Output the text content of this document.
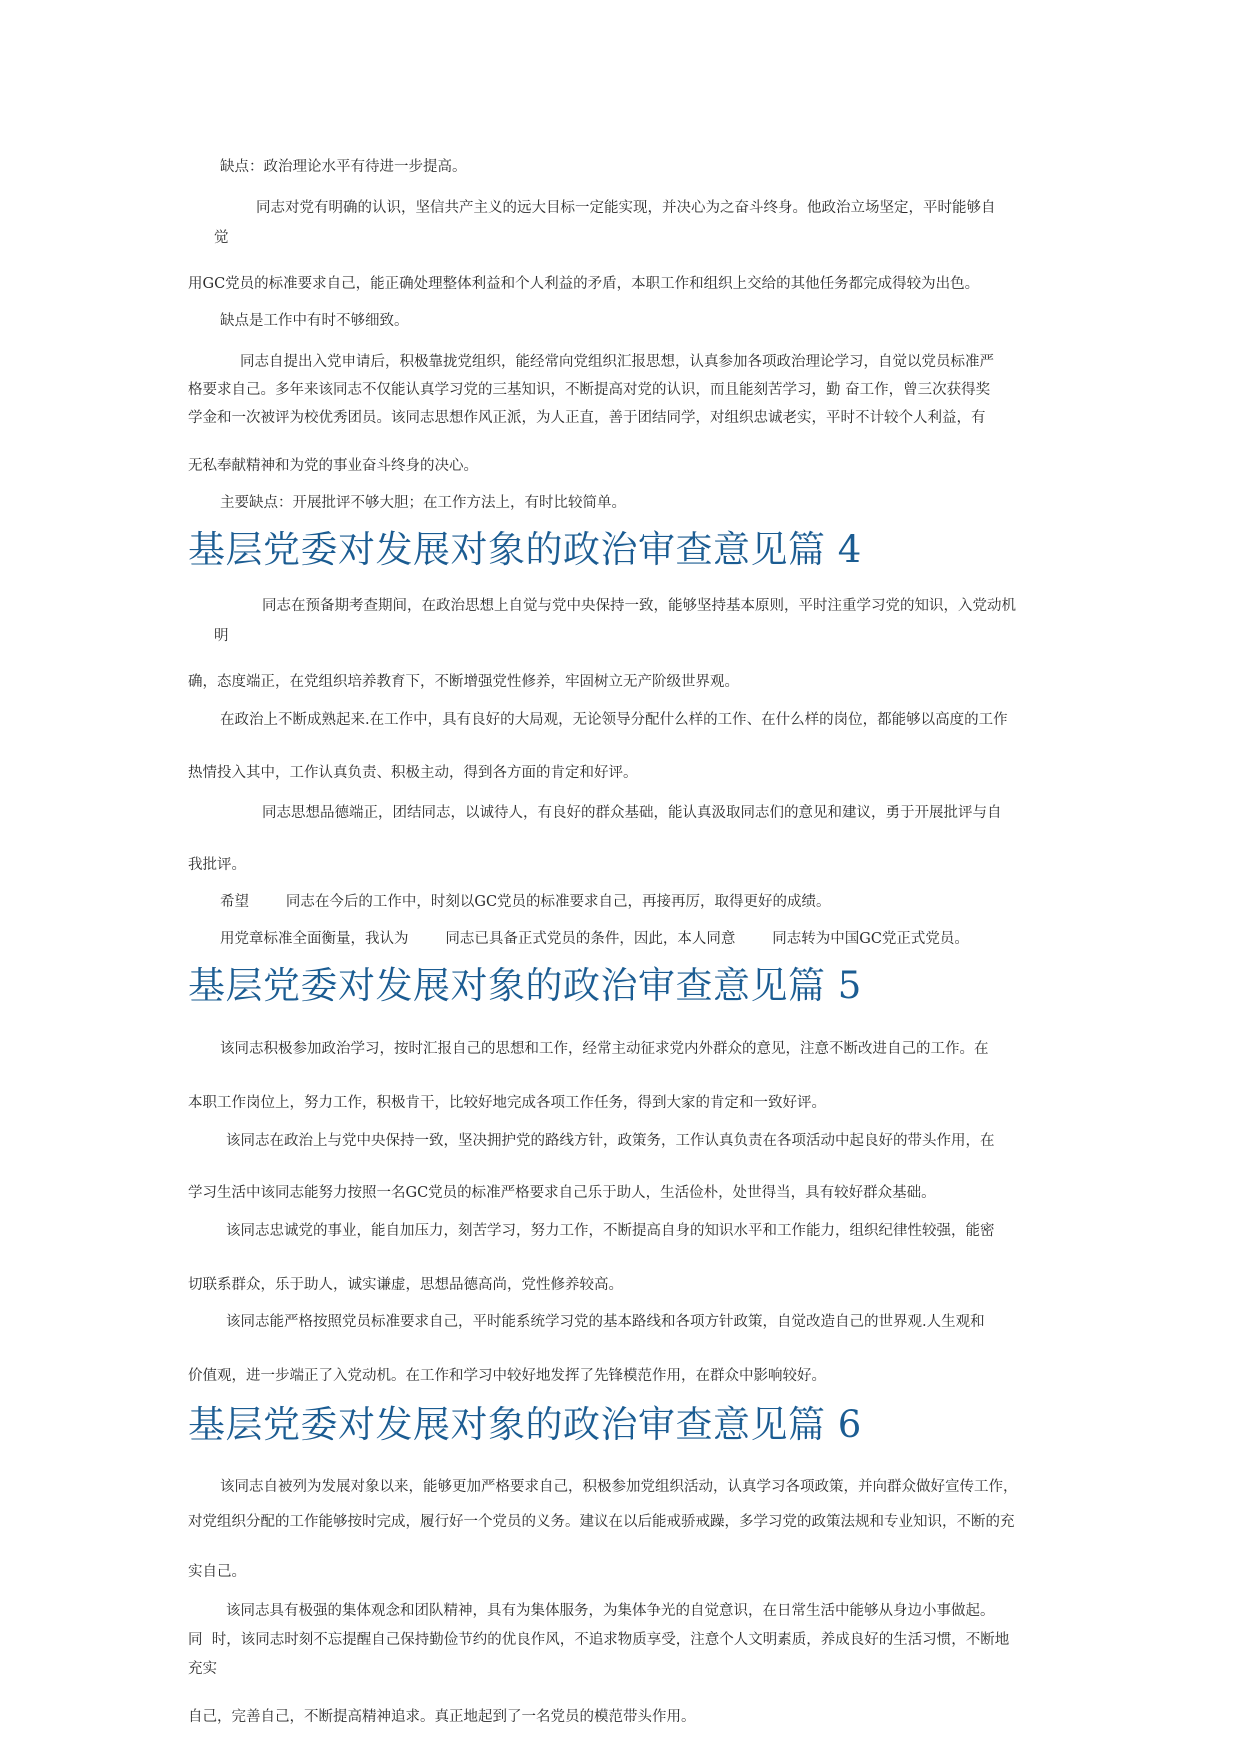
缺点：政治理论水平有待进一步提高。
同志对党有明确的认识，坚信共产主义的远大目标一定能实现，并决心为之奋斗终身。他政治立场坚定，平时能够自
觉
用GC党员的标准要求自己，能正确处理整体利益和个人利益的矛盾，本职工作和组织上交给的其他任务都完成得较为出色。
缺点是工作中有时不够细致。
同志自提出入党申请后，积极靠拢党组织，能经常向党组织汇报思想，认真参加各项政治理论学习，自觉以党员标准严
格要求自己。多年来该同志不仅能认真学习党的三基知识，不断提高对党的认识，而且能刻苦学习，勤 奋工作，曾三次获得奖
学金和一次被评为校优秀团员。该同志思想作风正派，为人正直，善于团结同学，对组织忠诚老实，平时不计较个人利益，有
无私奉献精神和为党的事业奋斗终身的决心。
主要缺点：开展批评不够大胆；在工作方法上，有时比较简单。
基层党委对发展对象的政治审查意见篇 4
同志在预备期考查期间，在政治思想上自觉与党中央保持一致，能够坚持基本原则，平时注重学习党的知识，入党动机
明
确，态度端正，在党组织培养教育下，不断增强党性修养，牢固树立无产阶级世界观。
在政治上不断成熟起来.在工作中，具有良好的大局观，无论领导分配什么样的工作、在什么样的岗位，都能够以高度的工作
热情投入其中，工作认真负责、积极主动，得到各方面的肯定和好评。
同志思想品德端正，团结同志，以诚待人，有良好的群众基础，能认真汲取同志们的意见和建议，勇于开展批评与自
我批评。
希望        同志在今后的工作中，时刻以GC党员的标准要求自己，再接再厉，取得更好的成绩。
用党章标准全面衡量，我认为        同志已具备正式党员的条件，因此，本人同意        同志转为中国GC党正式党员。
基层党委对发展对象的政治审查意见篇 5
该同志积极参加政治学习，按时汇报自己的思想和工作，经常主动征求党内外群众的意见，注意不断改进自己的工作。在
本职工作岗位上，努力工作，积极肯干，比较好地完成各项工作任务，得到大家的肯定和一致好评。
该同志在政治上与党中央保持一致，坚决拥护党的路线方针，政策务，工作认真负责在各项活动中起良好的带头作用，在
学习生活中该同志能努力按照一名GC党员的标准严格要求自己乐于助人，生活俭朴，处世得当，具有较好群众基础。
该同志忠诚党的事业，能自加压力，刻苦学习，努力工作，不断提高自身的知识水平和工作能力，组织纪律性较强，能密
切联系群众，乐于助人，诚实谦虚，思想品德高尚，党性修养较高。
该同志能严格按照党员标准要求自己，平时能系统学习党的基本路线和各项方针政策，自觉改造自己的世界观.人生观和
价值观，进一步端正了入党动机。在工作和学习中较好地发挥了先锋模范作用，在群众中影响较好。
基层党委对发展对象的政治审查意见篇 6
该同志自被列为发展对象以来，能够更加严格要求自己，积极参加党组织活动，认真学习各项政策，并向群众做好宣传工作，
对党组织分配的工作能够按时完成，履行好一个党员的义务。建议在以后能戒骄戒躁，多学习党的政策法规和专业知识，不断的充
实自己。
该同志具有极强的集体观念和团队精神，具有为集体服务，为集体争光的自觉意识，在日常生活中能够从身边小事做起。
同  时，该同志时刻不忘提醒自己保持勤俭节约的优良作风，不追求物质享受，注意个人文明素质，养成良好的生活习惯，不断地
充实
自己，完善自己，不断提高精神追求。真正地起到了一名党员的模范带头作用。
